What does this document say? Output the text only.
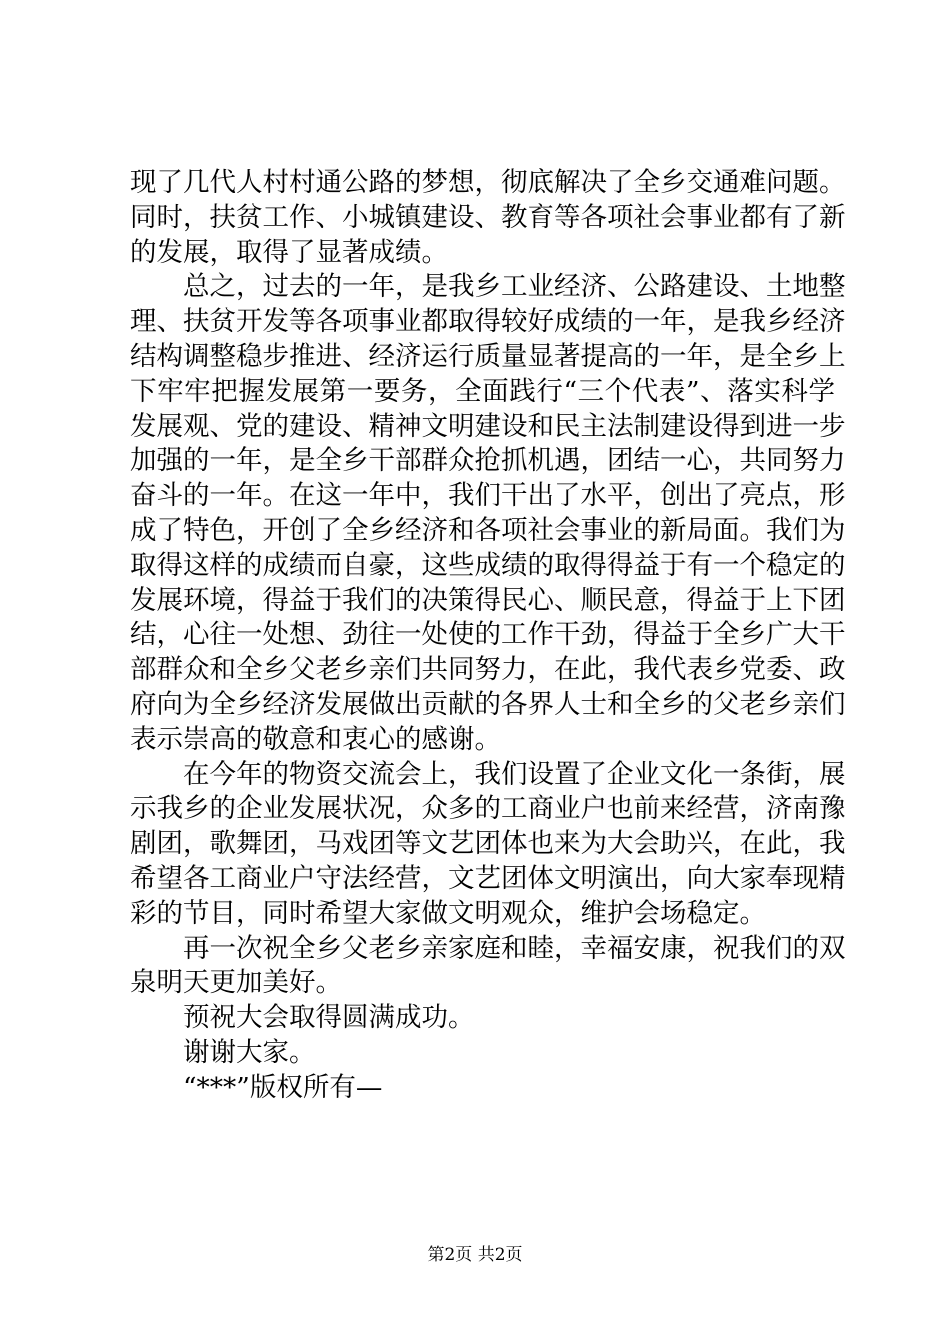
现了几代人村村通公路的梦想，彻底解决了全乡交通难问题。
同时，扶贫工作、小城镇建设、教育等各项社会事业都有了新
的发展，取得了显著成绩。
总之，过去的一年，是我乡工业经济、公路建设、土地整
理、扶贫开发等各项事业都取得较好成绩的一年，是我乡经济
结构调整稳步推进、经济运行质量显著提高的一年，是全乡上
下牢牢把握发展第一要务，全面践行“三个代表”、落实科学
发展观、党的建设、精神文明建设和民主法制建设得到进一步
加强的一年，是全乡干部群众抢抓机遇，团结一心，共同努力
奋斗的一年。在这一年中，我们干出了水平，创出了亮点，形
成了特色，开创了全乡经济和各项社会事业的新局面。我们为
取得这样的成绩而自豪，这些成绩的取得得益于有一个稳定的
发展环境，得益于我们的决策得民心、顺民意，得益于上下团
结，心往一处想、劲往一处使的工作干劲，得益于全乡广大干
部群众和全乡父老乡亲们共同努力，在此，我代表乡党委、政
府向为全乡经济发展做出贡献的各界人士和全乡的父老乡亲们
表示崇高的敬意和衷心的感谢。
在今年的物资交流会上，我们设置了企业文化一条街，展
示我乡的企业发展状况，众多的工商业户也前来经营，济南豫
剧团，歌舞团，马戏团等文艺团体也来为大会助兴，在此，我
希望各工商业户守法经营，文艺团体文明演出，向大家奉现精
彩的节目，同时希望大家做文明观众，维护会场稳定。
再一次祝全乡父老乡亲家庭和睦，幸福安康，祝我们的双
泉明天更加美好。
预祝大会取得圆满成功。
谢谢大家。
“***”版权所有—
第2页 共2页
